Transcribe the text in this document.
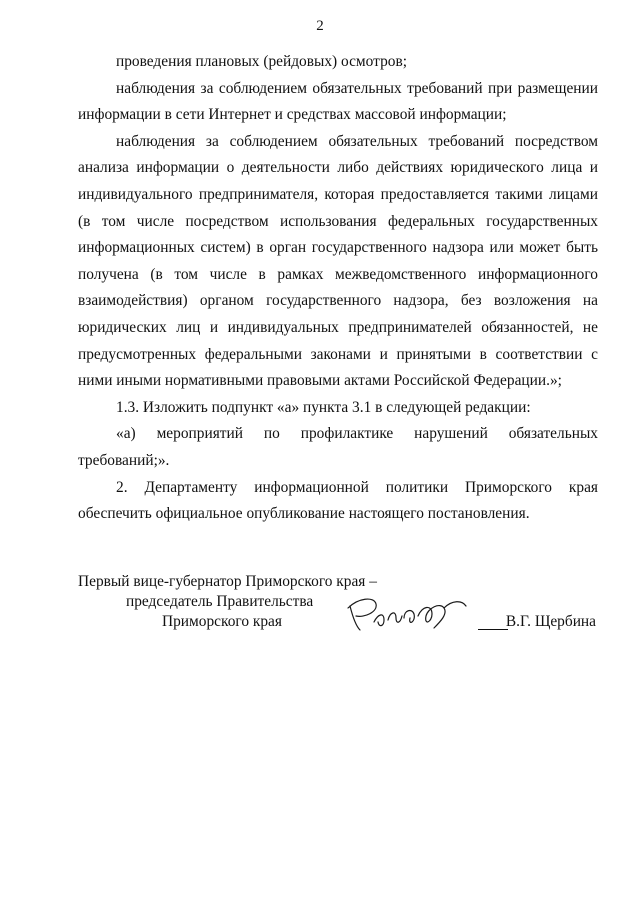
2

проведения плановых (рейдовых) осмотров;

наблюдения за соблюдением обязательных требований при размещении информации в сети Интернет и средствах массовой информации;

наблюдения за соблюдением обязательных требований посредством анализа информации о деятельности либо действиях юридического лица и индивидуального предпринимателя, которая предоставляется такими лицами (в том числе посредством использования федеральных государственных информационных систем) в орган государственного надзора или может быть получена (в том числе в рамках межведомственного информационного взаимодействия) органом государственного надзора, без возложения на юридических лиц и индивидуальных предпринимателей обязанностей, не предусмотренных федеральными законами и принятыми в соответствии с ними иными нормативными правовыми актами Российской Федерации.»;

1.3. Изложить подпункт «а» пункта 3.1 в следующей редакции:

«а) мероприятий по профилактике нарушений обязательных требований;».

2. Департаменту информационной политики Приморского края обеспечить официальное опубликование настоящего постановления.

Первый вице-губернатор Приморского края –
председатель Правительства
Приморского края	В.Г. Щербина
